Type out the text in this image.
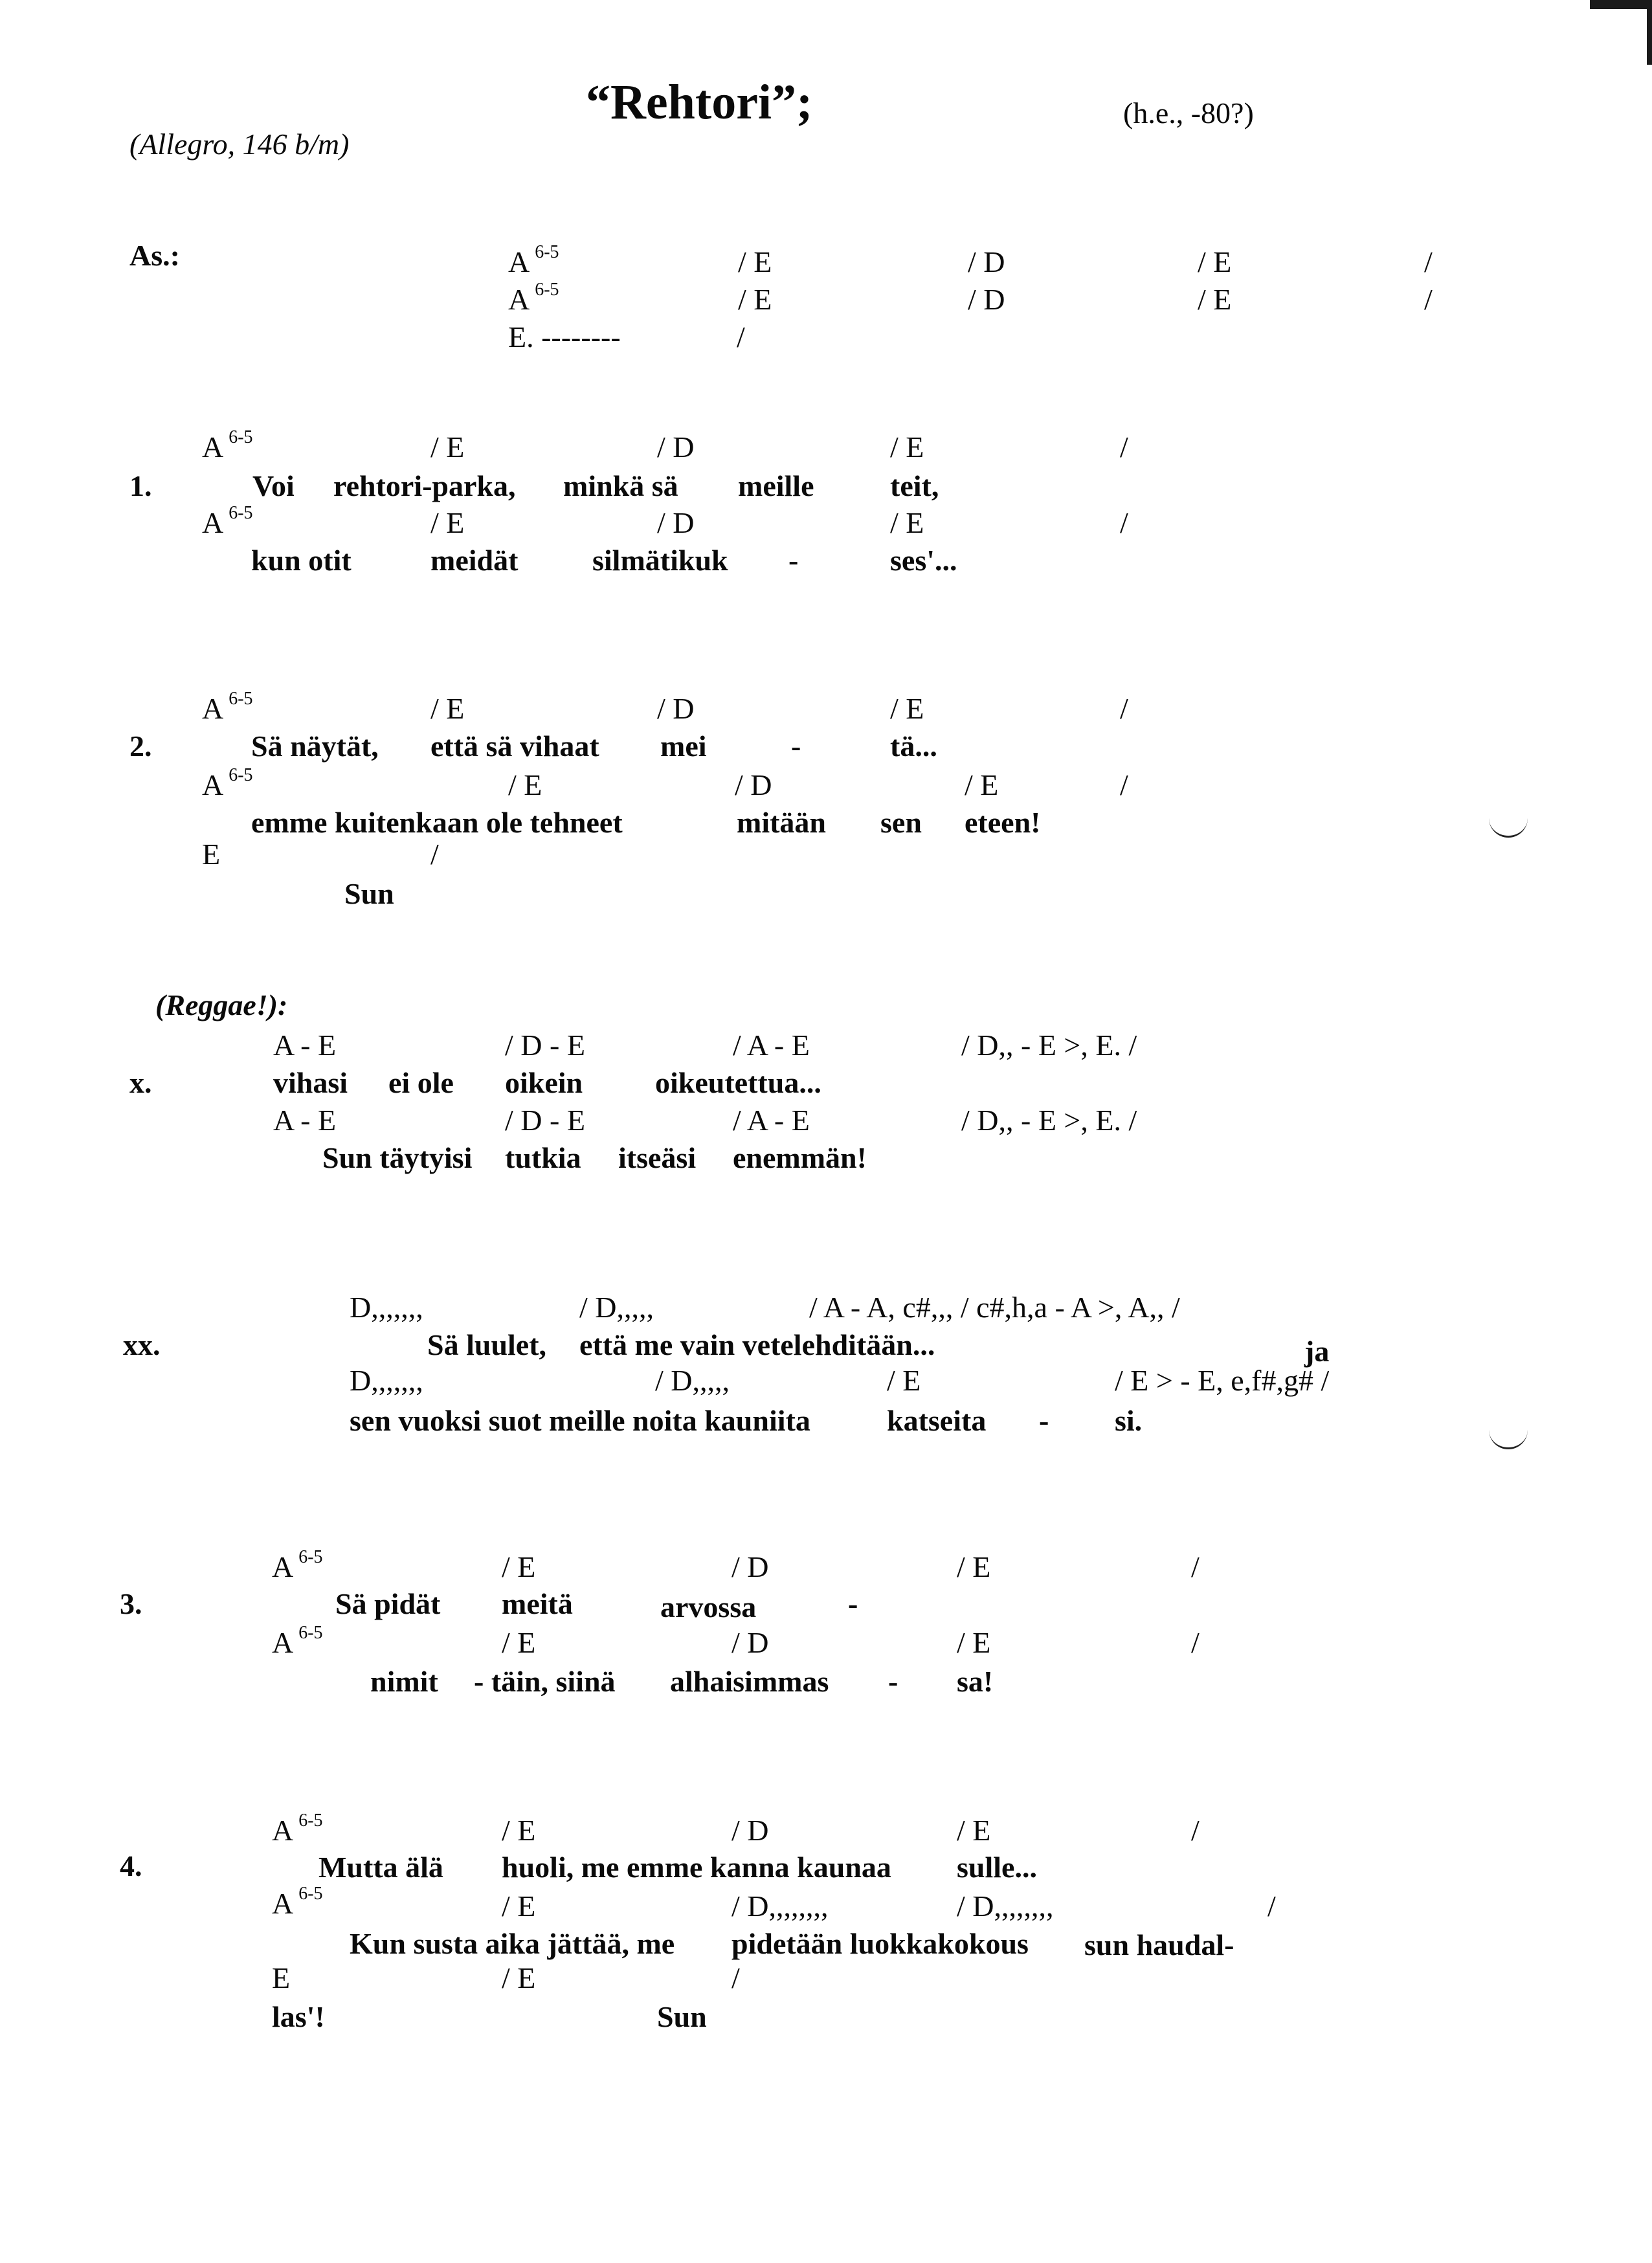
(Allegro, 146 b/m)
“Rehtori”;	(h.e., -80?)
As.:	A $^{6-5}$	/ E	/ D	/ E	/
A $^{6-5}$	/ E	/ D	/ E	/
E. --------	/
1.
A $^{6-5}$	/ E	/ D	/ E	/
Voi rehtori-parka, minkä sä meille	teit,
A $^{6-5}$	/ E	/ D	/ E	/
kun otit	meidät silmätikuk -	ses'...
2.
A $^{6-5}$	/ E	/ D	/ E	/
Sä näytät, että sä vihaat mei	-	tä...
A $^{6-5}$	/ E	/ D	/ E	/
emme kuitenkaan ole tehneet	mitään sen eteen!
E	/
Sun
(Reggae!):
x.
A - E	/ D - E	/ A - E	/ D,, - E >, E. /
vihasi ei ole oikein oikeutettua...
A - E	/ D - E	/ A - E	/ D,, - E >, E. /
Sun täytyisi tutkia itseäsi enemmän!
xx.
D,,,,,,,	/ D,,,,,	/ A - A, c#,,, / c#,h,a - A >, A,, /
Sä luulet, että me vain vetelehditään...	ja
D,,,,,,,	/ D,,,,,	/ E	/ E > - E, e,f#,g# /
sen vuoksi suot meille noita kauniita	katseita - si.
3.
A $^{6-5}$	/ E	/ D	/ E	/
Sä pidät meitä	arvossa	-
A $^{6-5}$	/ E	/ D	/ E	/
nimit - täin, siinä alhaisimmas - sa!
4.
A $^{6-5}$	/ E	/ D	/ E	/
Mutta älä huoli, me emme kanna kaunaa sulle...
A $^{6-5}$	/ E	/ D,,,,,,,,	/ D,,,,,,,,	/
Kun susta aika jättää, me pidetään luokkakokous sun haudal-
E	/ E	/
las'!	Sun
